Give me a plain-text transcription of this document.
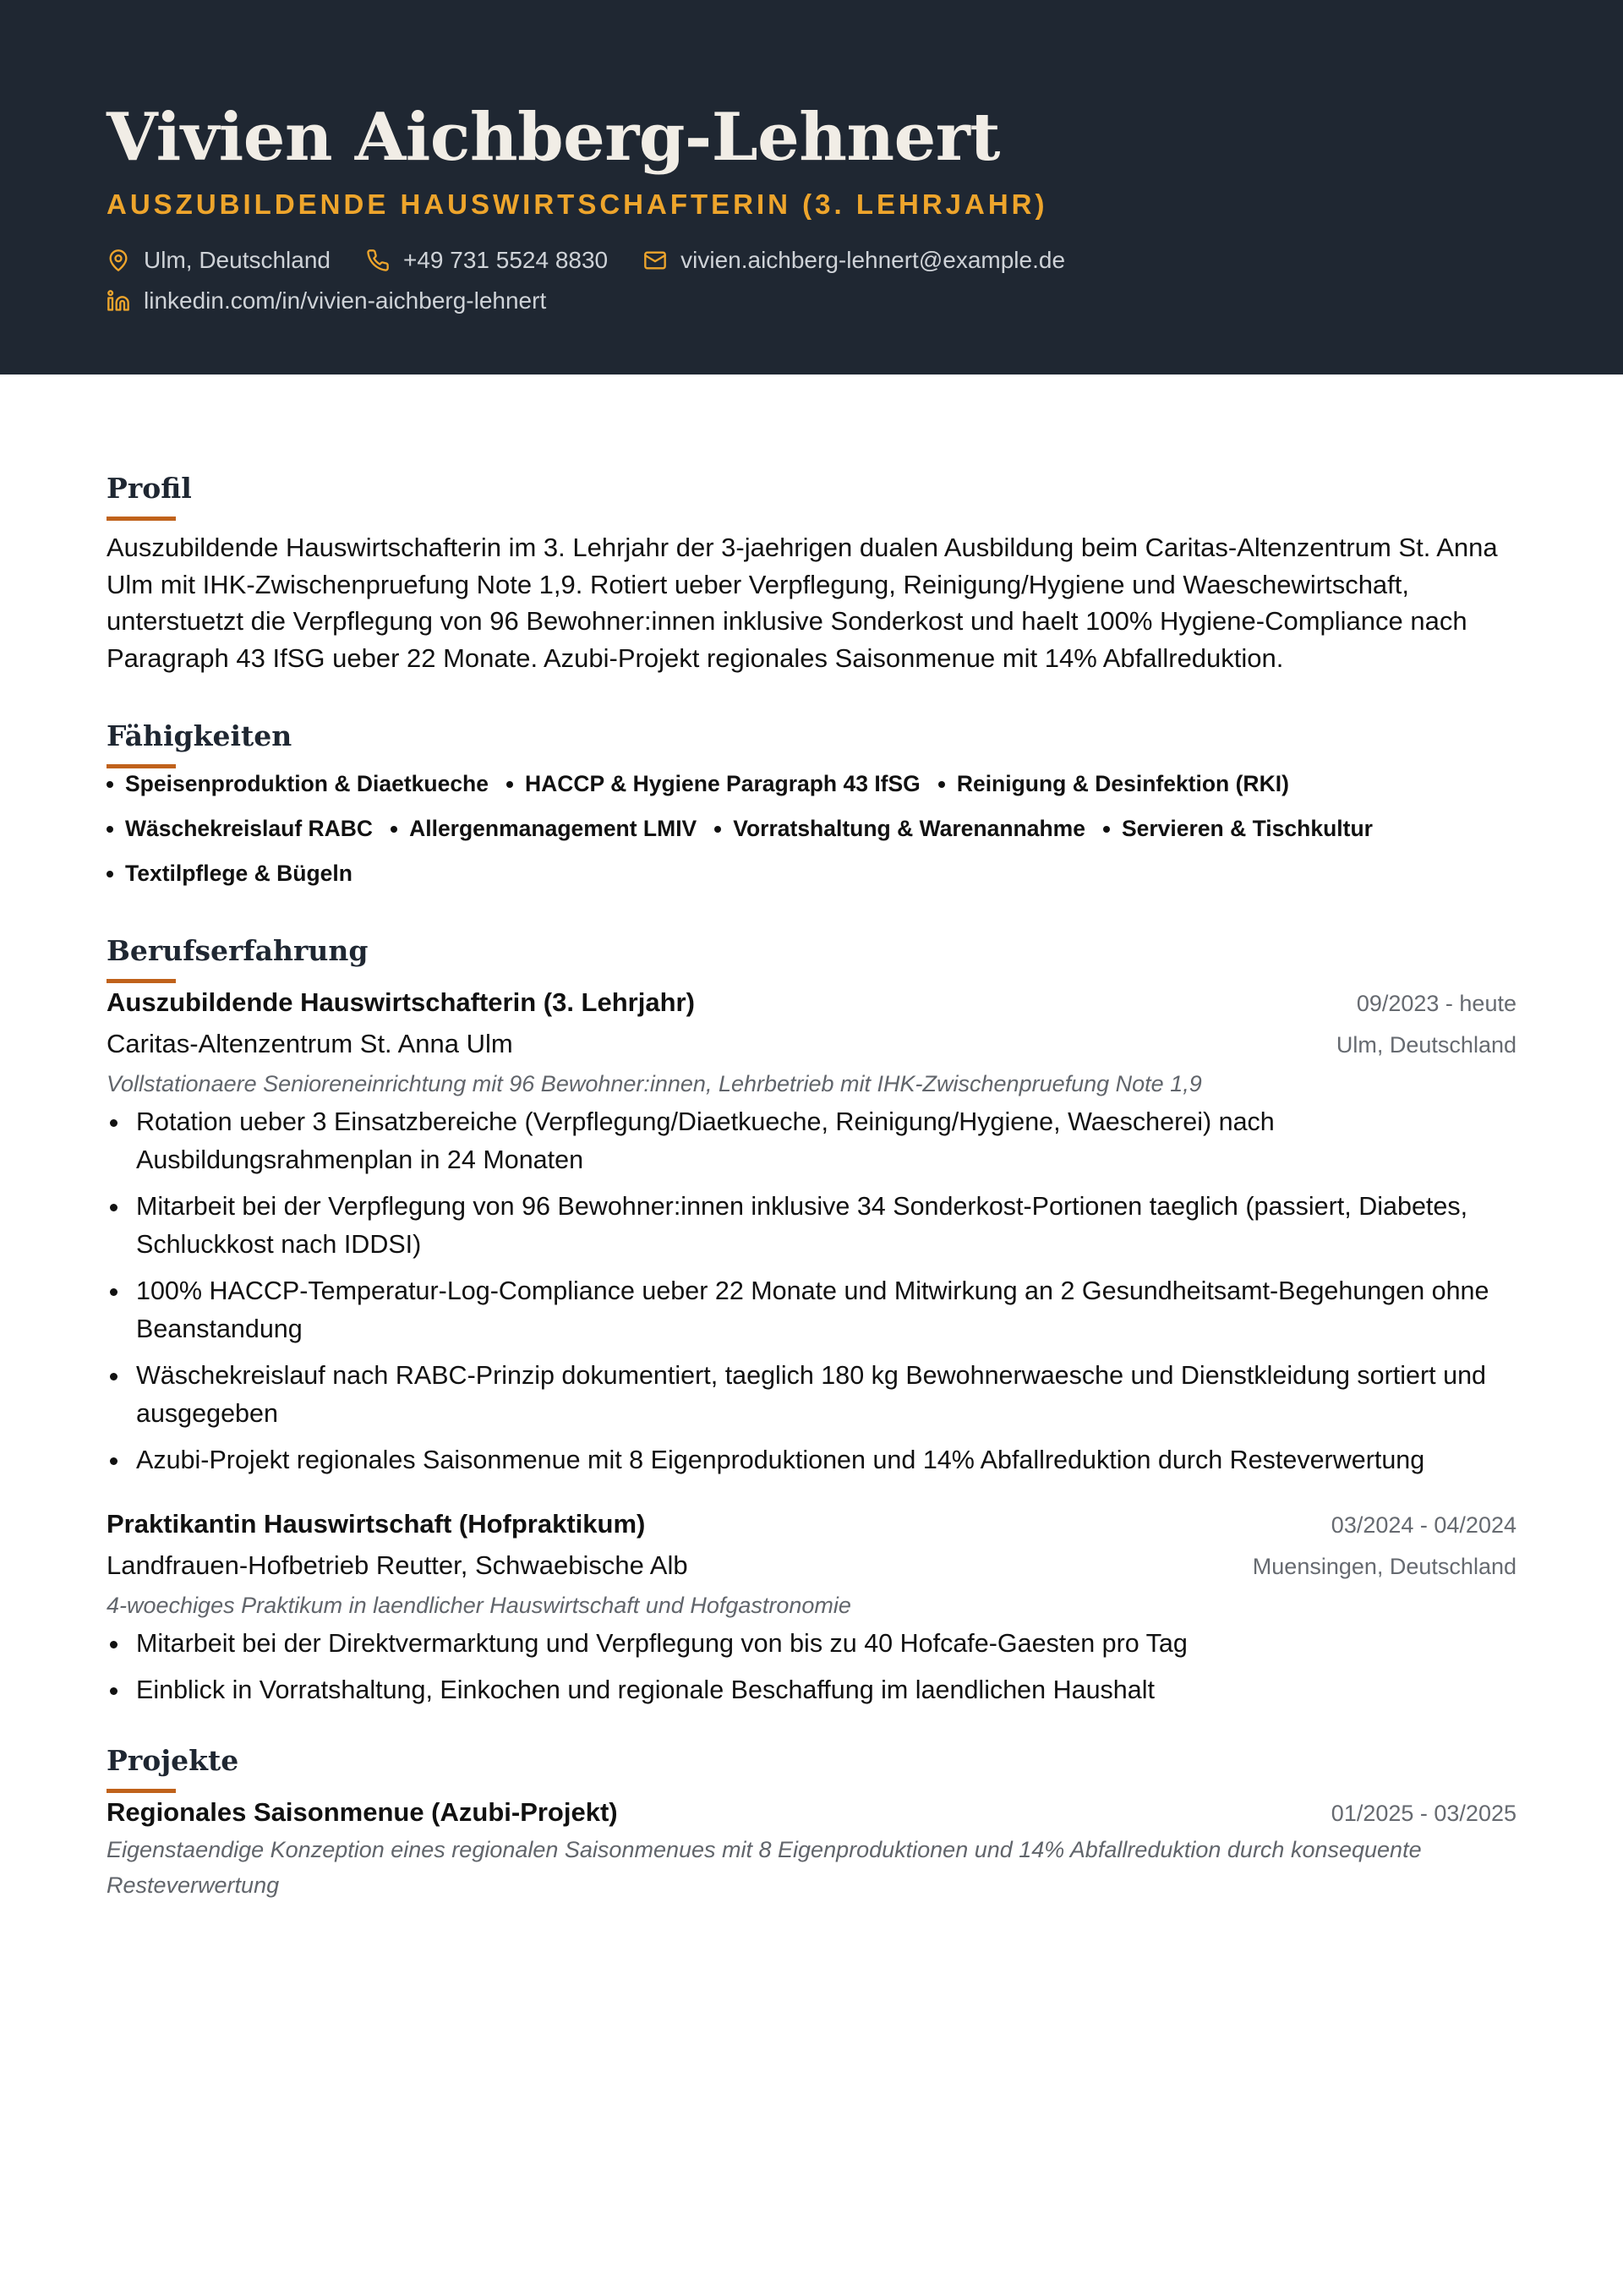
Vivien Aichberg-Lehnert
AUSZUBILDENDE HAUSWIRTSCHAFTERIN (3. LEHRJAHR)
Ulm, Deutschland	+49 731 5524 8830	vivien.aichberg-lehnert@example.de
linkedin.com/in/vivien-aichberg-lehnert
Profil
Auszubildende Hauswirtschafterin im 3. Lehrjahr der 3-jaehrigen dualen Ausbildung beim Caritas-Altenzentrum St. Anna Ulm mit IHK-Zwischenpruefung Note 1,9. Rotiert ueber Verpflegung, Reinigung/Hygiene und Waeschewirtschaft, unterstuetzt die Verpflegung von 96 Bewohner:innen inklusive Sonderkost und haelt 100% Hygiene-Compliance nach Paragraph 43 IfSG ueber 22 Monate. Azubi-Projekt regionales Saisonmenue mit 14% Abfallreduktion.
Fähigkeiten
Speisenproduktion & Diaetkueche HACCP & Hygiene Paragraph 43 IfSG Reinigung & Desinfektion (RKI)
Wäschekreislauf RABC Allergenmanagement LMIV Vorratshaltung & Warenannahme Servieren & Tischkultur
Textilpflege & Bügeln
Berufserfahrung
Auszubildende Hauswirtschafterin (3. Lehrjahr)	09/2023 - heute
Caritas-Altenzentrum St. Anna Ulm	Ulm, Deutschland
Vollstationaere Senioreneinrichtung mit 96 Bewohner:innen, Lehrbetrieb mit IHK-Zwischenpruefung Note 1,9
Rotation ueber 3 Einsatzbereiche (Verpflegung/Diaetkueche, Reinigung/Hygiene, Waescherei) nach Ausbildungsrahmenplan in 24 Monaten
Mitarbeit bei der Verpflegung von 96 Bewohner:innen inklusive 34 Sonderkost-Portionen taeglich (passiert, Diabetes, Schluckkost nach IDDSI)
100% HACCP-Temperatur-Log-Compliance ueber 22 Monate und Mitwirkung an 2 Gesundheitsamt-Begehungen ohne Beanstandung
Wäschekreislauf nach RABC-Prinzip dokumentiert, taeglich 180 kg Bewohnerwaesche und Dienstkleidung sortiert und ausgegeben
Azubi-Projekt regionales Saisonmenue mit 8 Eigenproduktionen und 14% Abfallreduktion durch Resteverwertung
Praktikantin Hauswirtschaft (Hofpraktikum)	03/2024 - 04/2024
Landfrauen-Hofbetrieb Reutter, Schwaebische Alb	Muensingen, Deutschland
4-woechiges Praktikum in laendlicher Hauswirtschaft und Hofgastronomie
Mitarbeit bei der Direktvermarktung und Verpflegung von bis zu 40 Hofcafe-Gaesten pro Tag
Einblick in Vorratshaltung, Einkochen und regionale Beschaffung im laendlichen Haushalt
Projekte
Regionales Saisonmenue (Azubi-Projekt)	01/2025 - 03/2025
Eigenstaendige Konzeption eines regionalen Saisonmenues mit 8 Eigenproduktionen und 14% Abfallreduktion durch konsequente Resteverwertung
